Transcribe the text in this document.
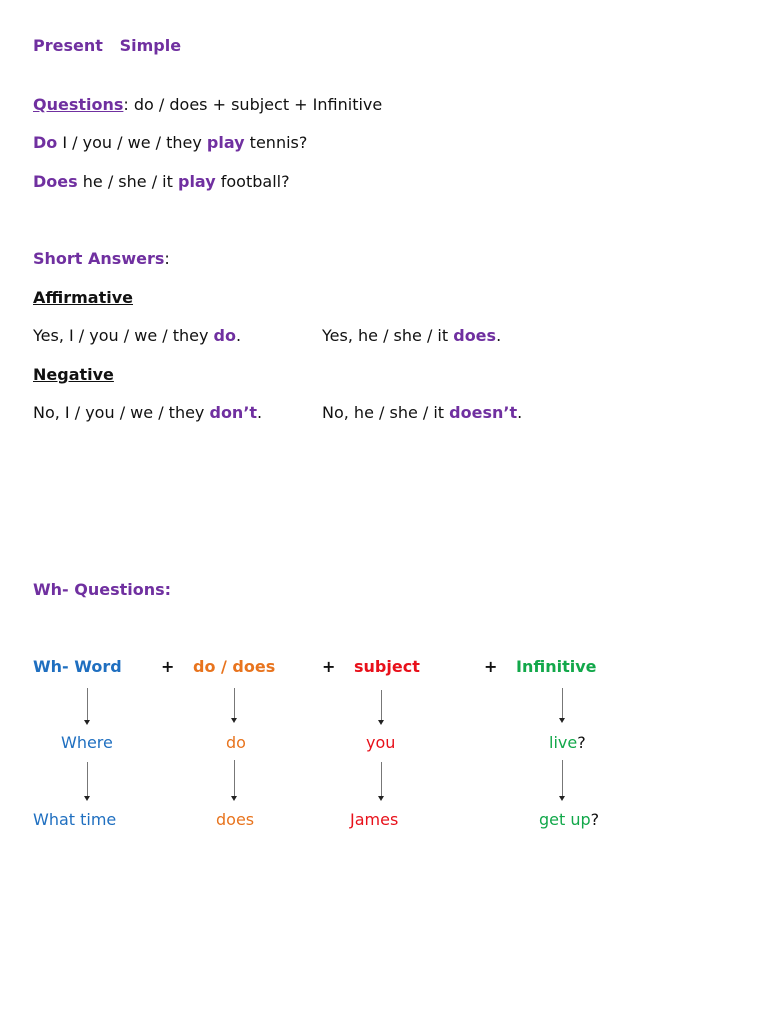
Present Simple
Questions: do / does + subject + Infinitive
Do I / you / we / they play tennis?
Does he / she / it play football?
Short Answers:
Affirmative
Yes, I / you / we / they do.	Yes, he / she / it does.
Negative
No, I / you / we / they don’t.	No, he / she / it doesn’t.
Wh- Questions:
Wh- Word + do / does	+ subject	+ Infinitive
Where	do	you	live?
What time	does	James	get up?
